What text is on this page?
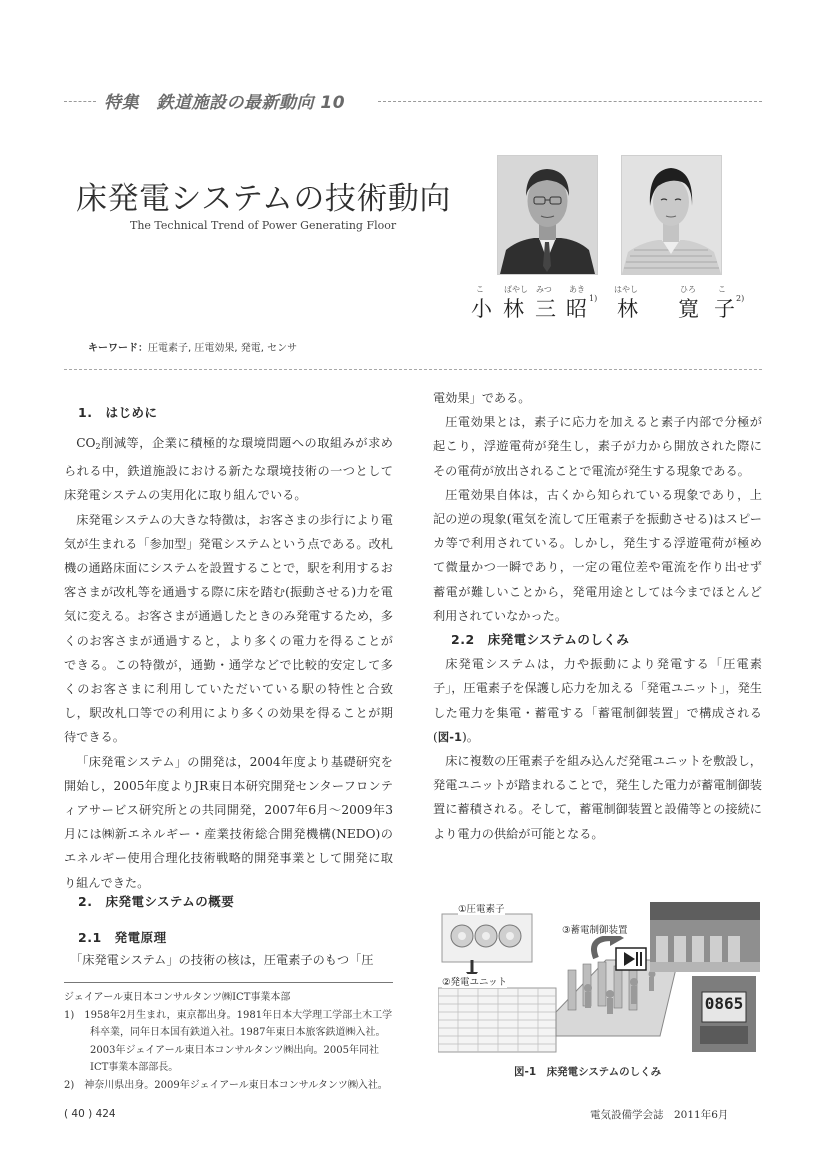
特集　鉄道施設の最新動向 10
床発電システムの技術動向
The Technical Trend of Power Generating Floor
こ	ばやし みつ あき
小 林 三 昭 1)
はやし	ひろ	こ
林 寛 子 2)
キーワード：圧電素子, 圧電効果, 発電, センサ
1.　はじめに

$CO_2$削減等，企業に積極的な環境問題への取組みが求められる中，鉄道施設における新たな環境技術の一つとして床発電システムの実用化に取り組んでいる。

床発電システムの大きな特徴は，お客さまの歩行により電気が生まれる「参加型」発電システムという点である。改札機の通路床面にシステムを設置することで，駅を利用するお客さまが改札等を通過する際に床を踏む(振動させる)力を電気に変える。お客さまが通過したときのみ発電するため，多くのお客さまが通過すると，より多くの電力を得ることができる。この特徴が，通勤・通学などで比較的安定して多くのお客さまに利用していただいている駅の特性と合致し，駅改札口等での利用により多くの効果を得ることが期待できる。

「床発電システム」の開発は，2004年度より基礎研究を開始し，2005年度よりJR東日本研究開発センターフロンティアサービス研究所との共同開発，2007年6月～2009年3月には㈱新エネルギー・産業技術総合開発機構(NEDO)のエネルギー使用合理化技術戦略的開発事業として開発に取り組んできた。

2.　床発電システムの概要
2.1　発電原理
「床発電システム」の技術の核は，圧電素子のもつ「圧

ジェイアール東日本コンサルタンツ㈱ICT事業本部

1)　1958年2月生まれ，東京都出身。1981年日本大学理工学部土木工学科卒業，同年日本国有鉄道入社。1987年東日本旅客鉄道㈱入社。2003年ジェイアール東日本コンサルタンツ㈱出向。2005年同社ICT事業本部部長。

2)　神奈川県出身。2009年ジェイアール東日本コンサルタンツ㈱入社。

電効果」である。

圧電効果とは，素子に応力を加えると素子内部で分極が起こり，浮遊電荷が発生し，素子が力から開放された際にその電荷が放出されることで電流が発生する現象である。

圧電効果自体は，古くから知られている現象であり，上記の逆の現象(電気を流して圧電素子を振動させる)はスピーカ等で利用されている。しかし，発生する浮遊電荷が極めて微量かつ一瞬であり，一定の電位差や電流を作り出せず蓄電が難しいことから，発電用途としては今までほとんど利用されていなかった。

2.2　床発電システムのしくみ

床発電システムは，力や振動により発電する「圧電素子」，圧電素子を保護し応力を加える「発電ユニット」，発生した電力を集電・蓄電する「蓄電制御装置」で構成される(図-1)。

床に複数の圧電素子を組み込んだ発電ユニットを敷設し，発電ユニットが踏まれることで，発生した電力が蓄電制御装置に蓄積される。そして，蓄電制御装置と設備等との接続により電力の供給が可能となる。

①圧電素子
②発電ユニット
③蓄電制御装置
0865
図-1　床発電システムのしくみ
( 40 ) 424	電気設備学会誌　2011年6月
